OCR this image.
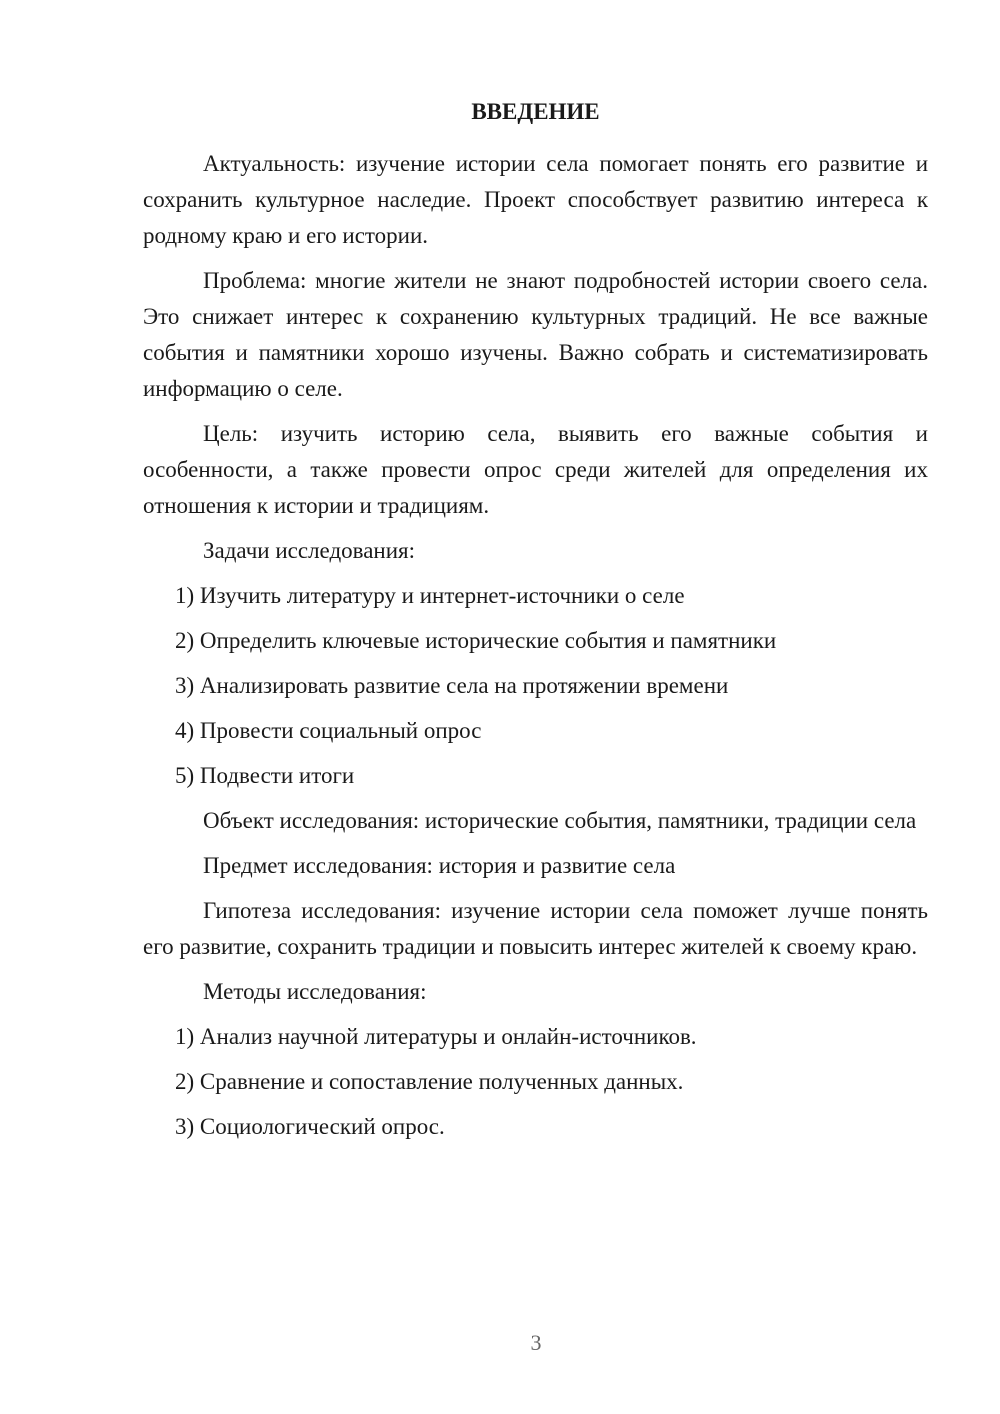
ВВЕДЕНИЕ
Актуальность: изучение истории села помогает понять его развитие и сохранить культурное наследие. Проект способствует развитию интереса к родному краю и его истории.
Проблема: многие жители не знают подробностей истории своего села. Это снижает интерес к сохранению культурных традиций. Не все важные события и памятники хорошо изучены. Важно собрать и систематизировать информацию о селе.
Цель: изучить историю села, выявить его важные события и особенности, а также провести опрос среди жителей для определения их отношения к истории и традициям.
Задачи исследования:
1) Изучить литературу и интернет-источники о селе
2) Определить ключевые исторические события и памятники
3) Анализировать развитие села на протяжении времени
4) Провести социальный опрос
5) Подвести итоги
Объект исследования: исторические события, памятники, традиции села
Предмет исследования: история и развитие села
Гипотеза исследования: изучение истории села поможет лучше понять его развитие, сохранить традиции и повысить интерес жителей к своему краю.
Методы исследования:
1) Анализ научной литературы и онлайн-источников.
2) Сравнение и сопоставление полученных данных.
3) Социологический опрос.
3
